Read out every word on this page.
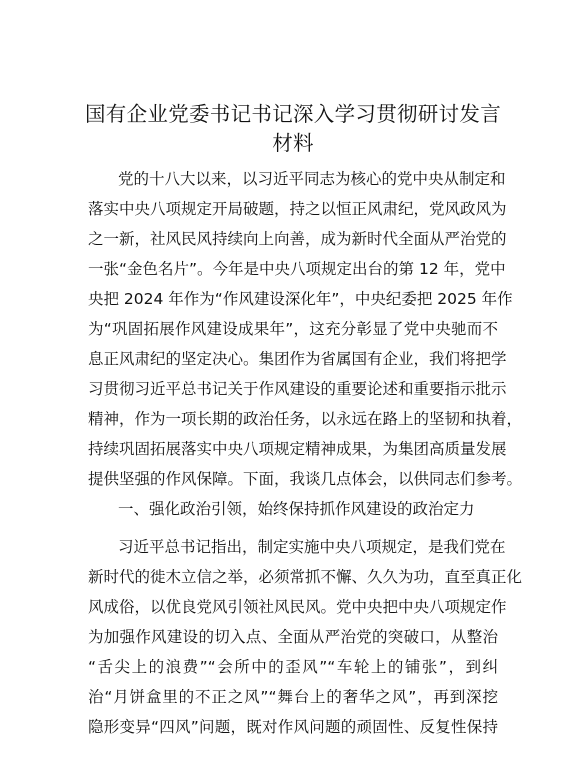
国有企业党委书记书记深入学习贯彻研讨发言
材料

党的十八大以来，以习近平同志为核心的党中央从制定和

落实中央八项规定开局破题，持之以恒正风肃纪，党风政风为

之一新，社风民风持续向上向善，成为新时代全面从严治党的

一张“金色名片”。今年是中央八项规定出台的第 12 年，党中

央把 2024 年作为“作风建设深化年”，中央纪委把 2025 年作

为“巩固拓展作风建设成果年”，这充分彰显了党中央驰而不

息正风肃纪的坚定决心。集团作为省属国有企业，我们将把学

习贯彻习近平总书记关于作风建设的重要论述和重要指示批示

精神，作为一项长期的政治任务，以永远在路上的坚韧和执着，

持续巩固拓展落实中央八项规定精神成果，为集团高质量发展

提供坚强的作风保障。下面，我谈几点体会，以供同志们参考。

一、强化政治引领，始终保持抓作风建设的政治定力

习近平总书记指出，制定实施中央八项规定，是我们党在

新时代的徙木立信之举，必须常抓不懈、久久为功，直至真正化

风成俗，以优良党风引领社风民风。党中央把中央八项规定作

为加强作风建设的切入点、全面从严治党的突破口，从整治

“舌尖上的浪费”“会所中的歪风”“车轮上的铺张”，到纠

治“月饼盒里的不正之风”“舞台上的奢华之风”，再到深挖

隐形变异“四风”问题，既对作风问题的顽固性、反复性保持
